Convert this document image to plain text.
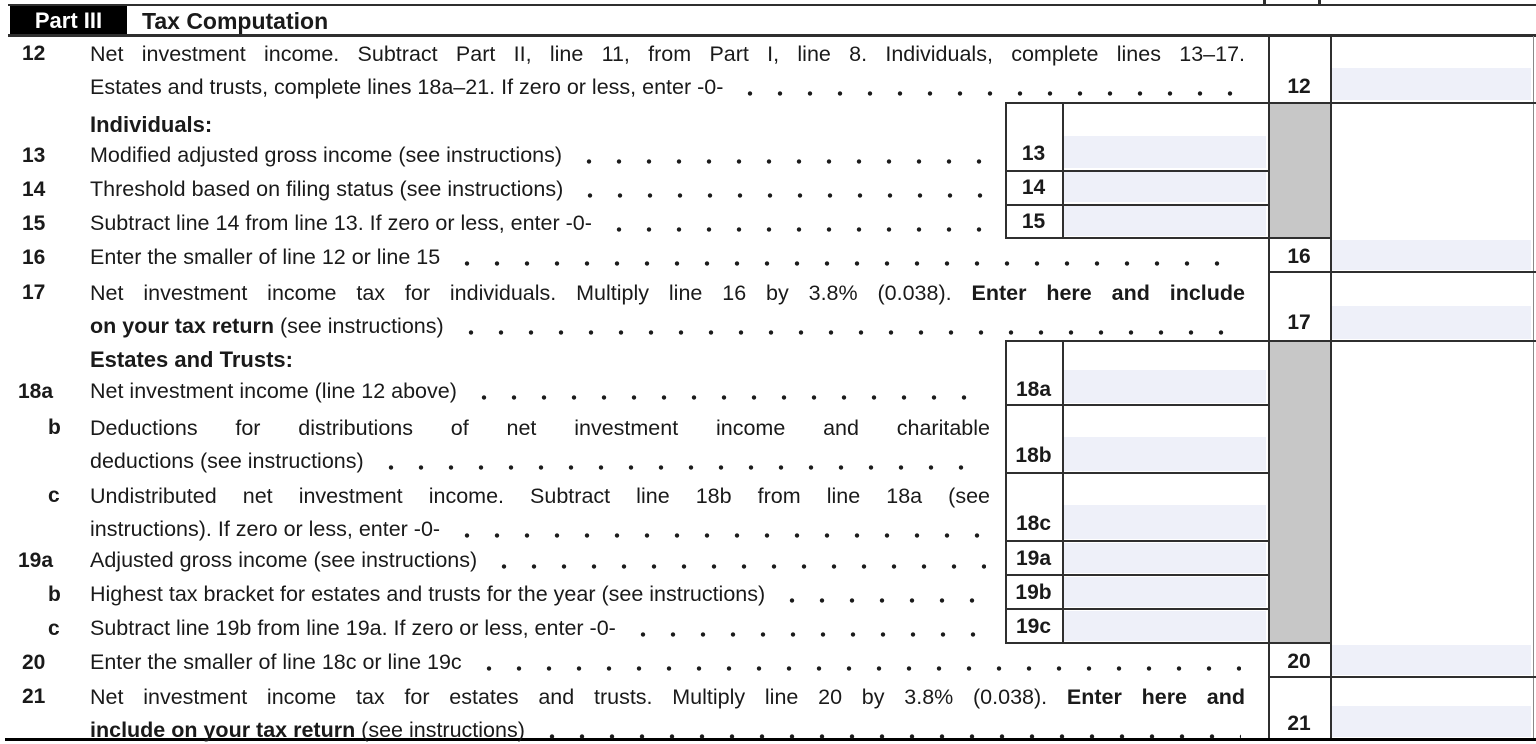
Part III	Tax Computation
12
13
14
15
16
17
18a
18b
18c
19a
19b
19c
20
21
12
13
14
15
16
17
18a
b
c
19a
b
c
20
21
Net investment income. Subtract Part II, line 11, from Part I, line 8. Individuals, complete lines 13–17.
Estates and trusts, complete lines 18a–21. If zero or less, enter -0-
Individuals:
Modified adjusted gross income (see instructions)
Threshold based on filing status (see instructions)
Subtract line 14 from line 13. If zero or less, enter -0-
Enter the smaller of line 12 or line 15
Net investment income tax for individuals. Multiply line 16 by 3.8% (0.038). Enter here and include
on your tax return (see instructions)
Estates and Trusts:
Net investment income (line 12 above)
Deductions for distributions of net investment income and charitable
deductions (see instructions)
Undistributed net investment income. Subtract line 18b from line 18a (see
instructions). If zero or less, enter -0-
Adjusted gross income (see instructions)
Highest tax bracket for estates and trusts for the year (see instructions)
Subtract line 19b from line 19a. If zero or less, enter -0-
Enter the smaller of line 18c or line 19c
Net investment income tax for estates and trusts. Multiply line 20 by 3.8% (0.038). Enter here and
include on your tax return (see instructions)
